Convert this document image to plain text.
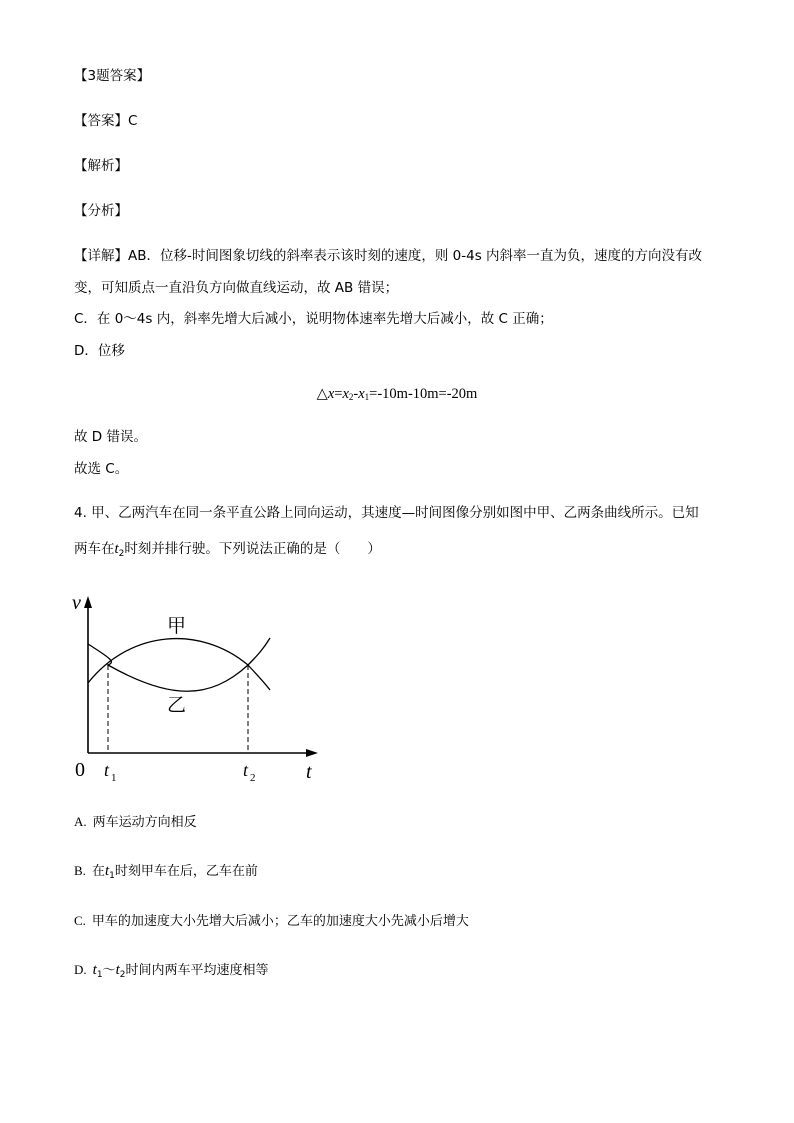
【3题答案】
【答案】C
【解析】
【分析】
【详解】AB．位移-时间图象切线的斜率表示该时刻的速度，则 0-4s 内斜率一直为负，速度的方向没有改
变，可知质点一直沿负方向做直线运动，故 AB 错误；
C．在 0～4s 内，斜率先增大后减小，说明物体速率先增大后减小，故 C 正确；
D．位移
$\triangle x=x_2-x_1=-10m-10m=-20m$
故 D 错误。
故选 C。
4. 甲、乙两汽车在同一条平直公路上同向运动，其速度—时间图像分别如图中甲、乙两条曲线所示。已知
两车在$t_2$时刻并排行驶。下列说法正确的是（　　）
v
t
0
甲
乙
t 1	t 2
A. 两车运动方向相反
B. 在$t_1$时刻甲车在后，乙车在前
C. 甲车的加速度大小先增大后减小；乙车的加速度大小先减小后增大
D. $t_1\sim t_2$时间内两车平均速度相等
